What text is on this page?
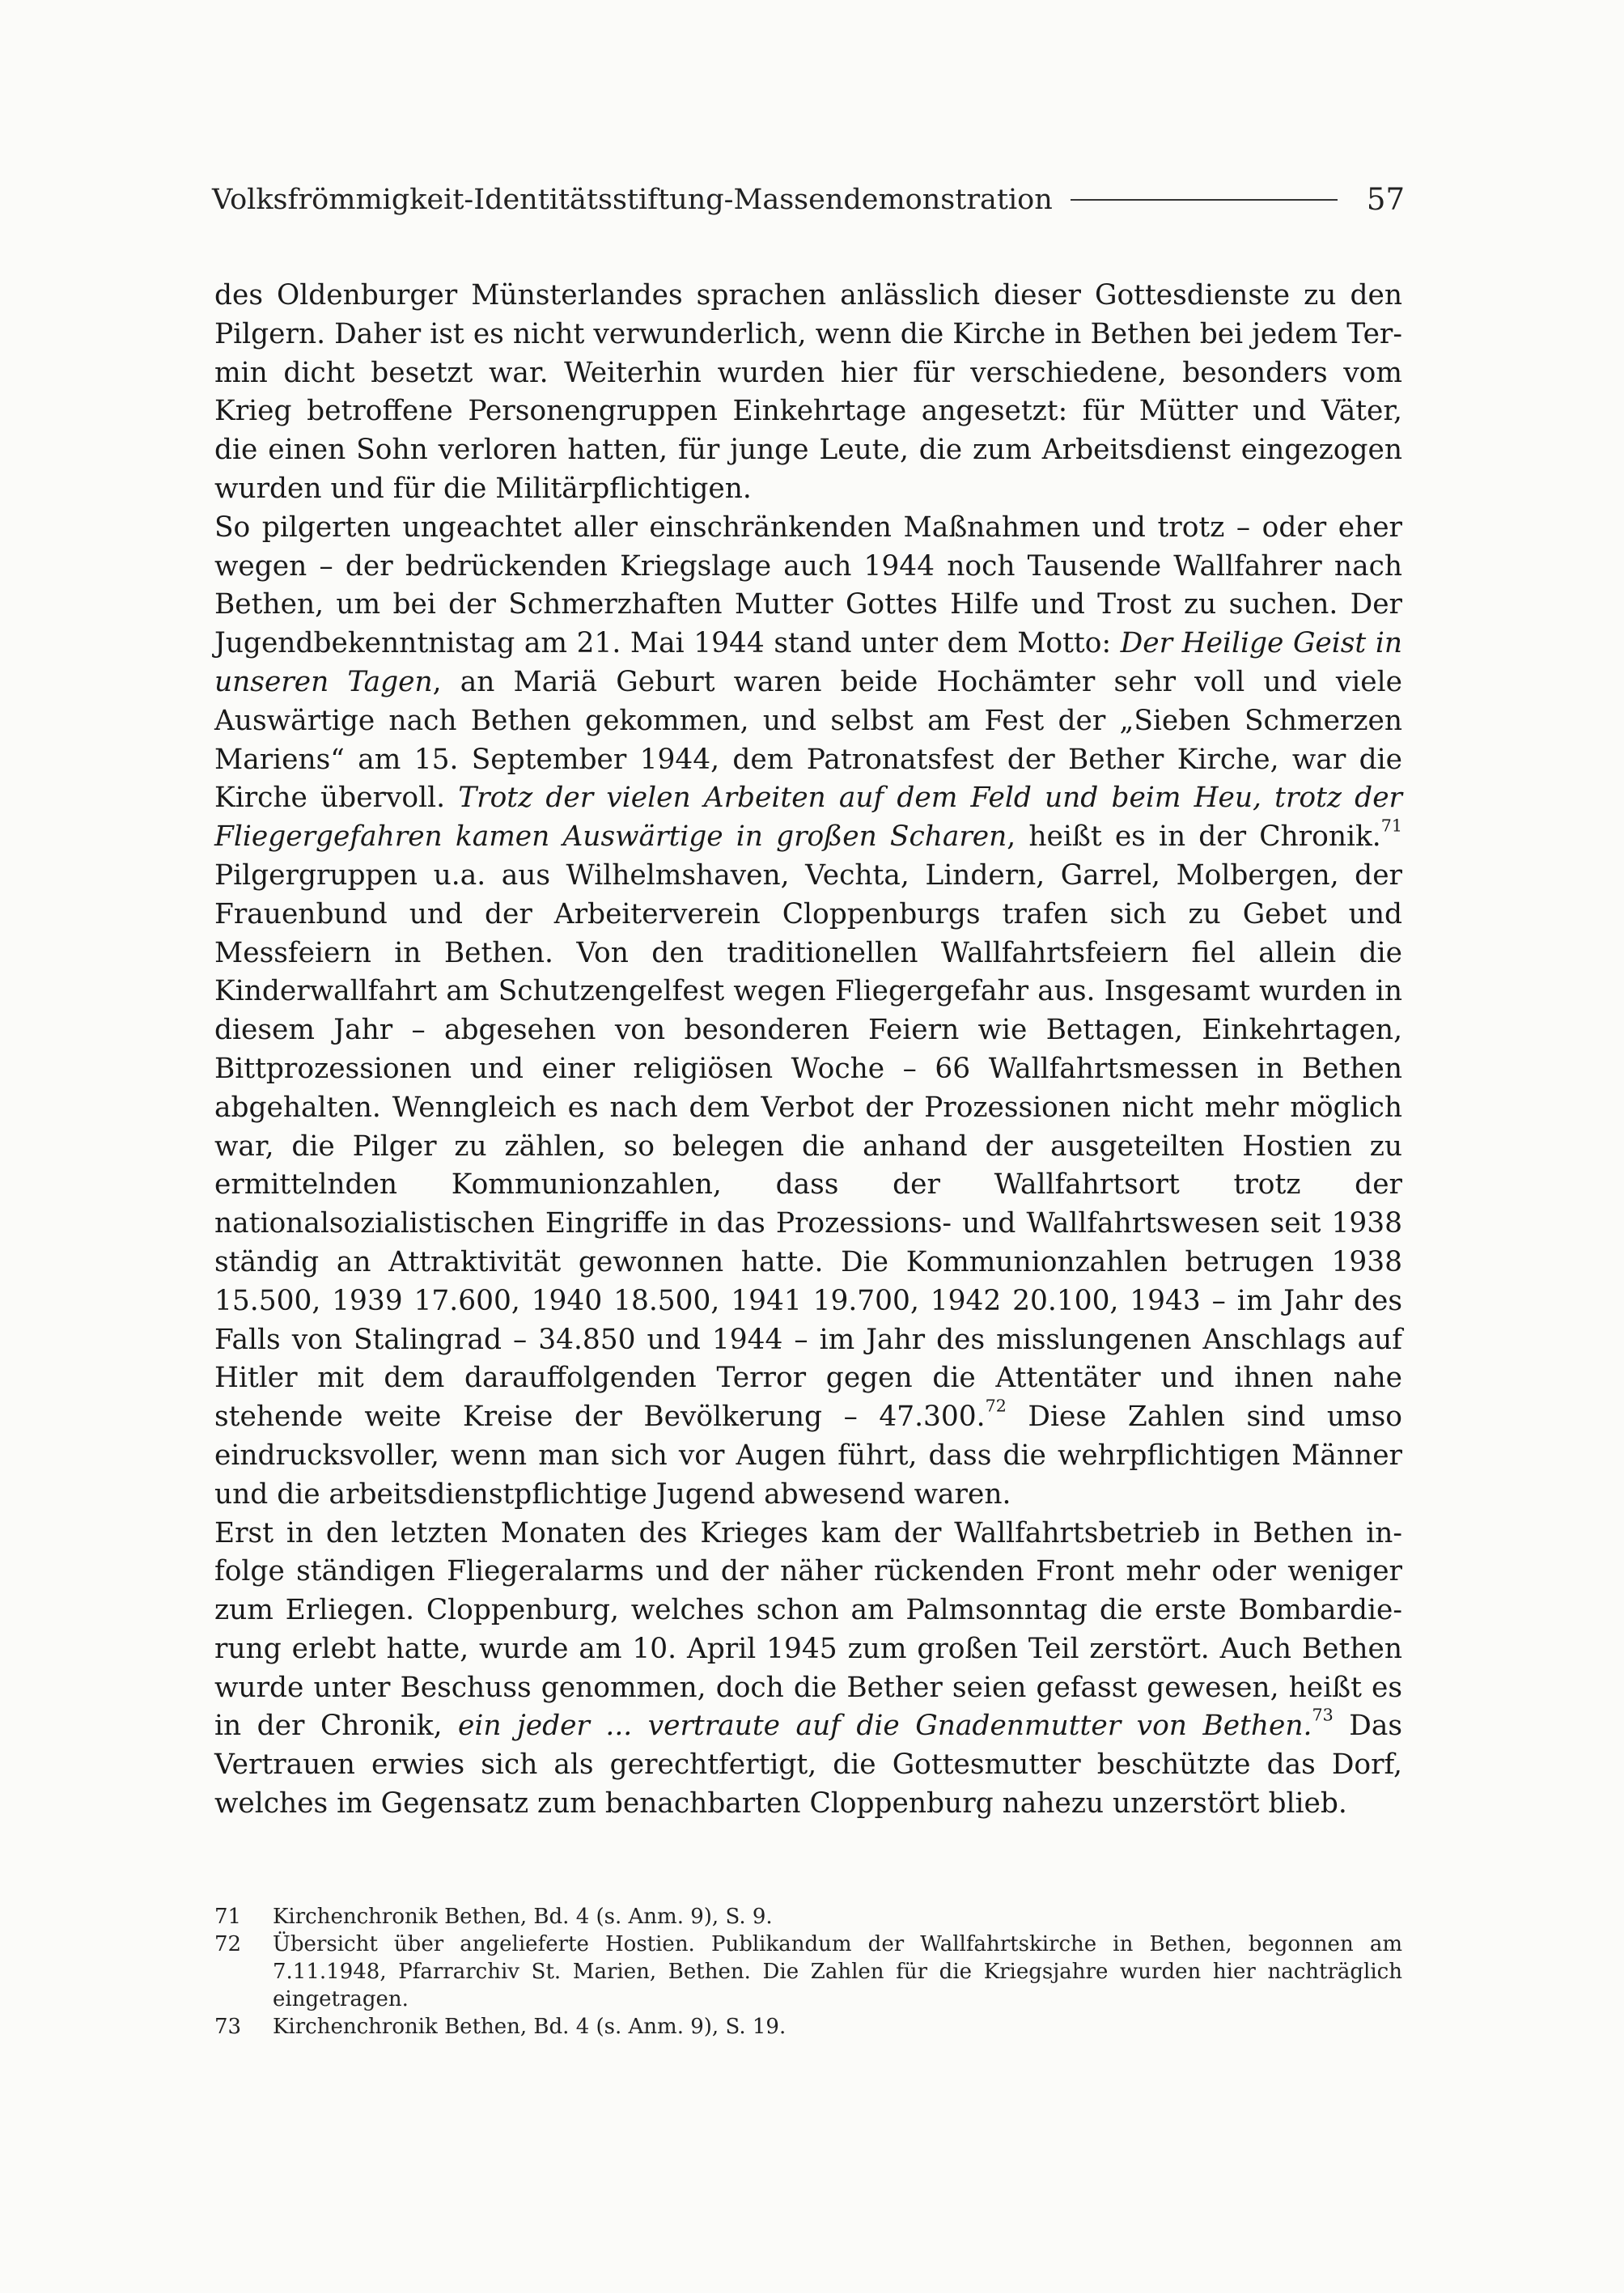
Volksfrömmigkeit-Identitätsstiftung-Massendemonstration	57

des Oldenburger Münsterlandes sprachen anlässlich dieser Gottesdienste zu den Pilgern. Daher ist es nicht verwunderlich, wenn die Kirche in Bethen bei jedem Termin dicht besetzt war. Weiterhin wurden hier für verschiedene, besonders vom Krieg betroffene Personengruppen Einkehrtage angesetzt: für Mütter und Väter, die einen Sohn verloren hatten, für junge Leute, die zum Arbeitsdienst eingezogen wurden und für die Militärpflichtigen.

So pilgerten ungeachtet aller einschränkenden Maßnahmen und trotz – oder eher wegen – der bedrückenden Kriegslage auch 1944 noch Tausende Wallfahrer nach Bethen, um bei der Schmerzhaften Mutter Gottes Hilfe und Trost zu suchen. Der Jugendbekenntnistag am 21. Mai 1944 stand unter dem Motto: Der Heilige Geist in unseren Tagen, an Mariä Geburt waren beide Hochämter sehr voll und viele Auswärtige nach Bethen gekommen, und selbst am Fest der „Sieben Schmerzen Mariens“ am 15. September 1944, dem Patronatsfest der Bether Kirche, war die Kirche übervoll. Trotz der vielen Arbeiten auf dem Feld und beim Heu, trotz der Fliegergefahren kamen Auswärtige in großen Scharen, heißt es in der Chronik.$^{71}$ Pilgergruppen u.a. aus Wilhelmshaven, Vechta, Lindern, Garrel, Molbergen, der Frauenbund und der Arbeiterverein Cloppenburgs trafen sich zu Gebet und Messfeiern in Bethen. Von den traditionellen Wallfahrtsfeiern fiel allein die Kinderwallfahrt am Schutzengelfest wegen Fliegergefahr aus. Insgesamt wurden in diesem Jahr – abgesehen von besonderen Feiern wie Bettagen, Einkehrtagen, Bittprozessionen und einer religiösen Woche – 66 Wallfahrtsmessen in Bethen abgehalten. Wenngleich es nach dem Verbot der Prozessionen nicht mehr möglich war, die Pilger zu zählen, so belegen die anhand der ausgeteilten Hostien zu ermittelnden Kommunionzahlen, dass der Wallfahrtsort trotz der nationalsozialistischen Eingriffe in das Prozessions- und Wallfahrtswesen seit 1938 ständig an Attraktivität gewonnen hatte. Die Kommunionzahlen betrugen 1938 15.500, 1939 17.600, 1940 18.500, 1941 19.700, 1942 20.100, 1943 – im Jahr des Falls von Stalingrad – 34.850 und 1944 – im Jahr des misslungenen Anschlags auf Hitler mit dem darauffolgenden Terror gegen die Attentäter und ihnen nahe stehende weite Kreise der Bevölkerung – 47.300.72 Diese Zahlen sind umso eindrucksvoller, wenn man sich vor Augen führt, dass die wehrpflichtigen Männer und die arbeitsdienstpflichtige Jugend abwesend waren.

Erst in den letzten Monaten des Krieges kam der Wallfahrtsbetrieb in Bethen infolge ständigen Fliegeralarms und der näher rückenden Front mehr oder weniger zum Erliegen. Cloppenburg, welches schon am Palmsonntag die erste Bombardierung erlebt hatte, wurde am 10. April 1945 zum großen Teil zerstört. Auch Bethen wurde unter Beschuss genommen, doch die Bether seien gefasst gewesen, heißt es in der Chronik, ein jeder ... vertraute auf die Gnadenmutter von Bethen.$^{73}$ Das Vertrauen erwies sich als gerechtfertigt, die Gottesmutter beschützte das Dorf, welches im Gegensatz zum benachbarten Cloppenburg nahezu unzerstört blieb.

71	Kirchenchronik Bethen, Bd. 4 (s. Anm. 9), S. 9.
72	Übersicht über angelieferte Hostien. Publikandum der Wallfahrtskirche in Bethen, begonnen am 7.11.1948, Pfarrarchiv St. Marien, Bethen. Die Zahlen für die Kriegsjahre wurden hier nachträglich eingetragen.
73	Kirchenchronik Bethen, Bd. 4 (s. Anm. 9), S. 19.
